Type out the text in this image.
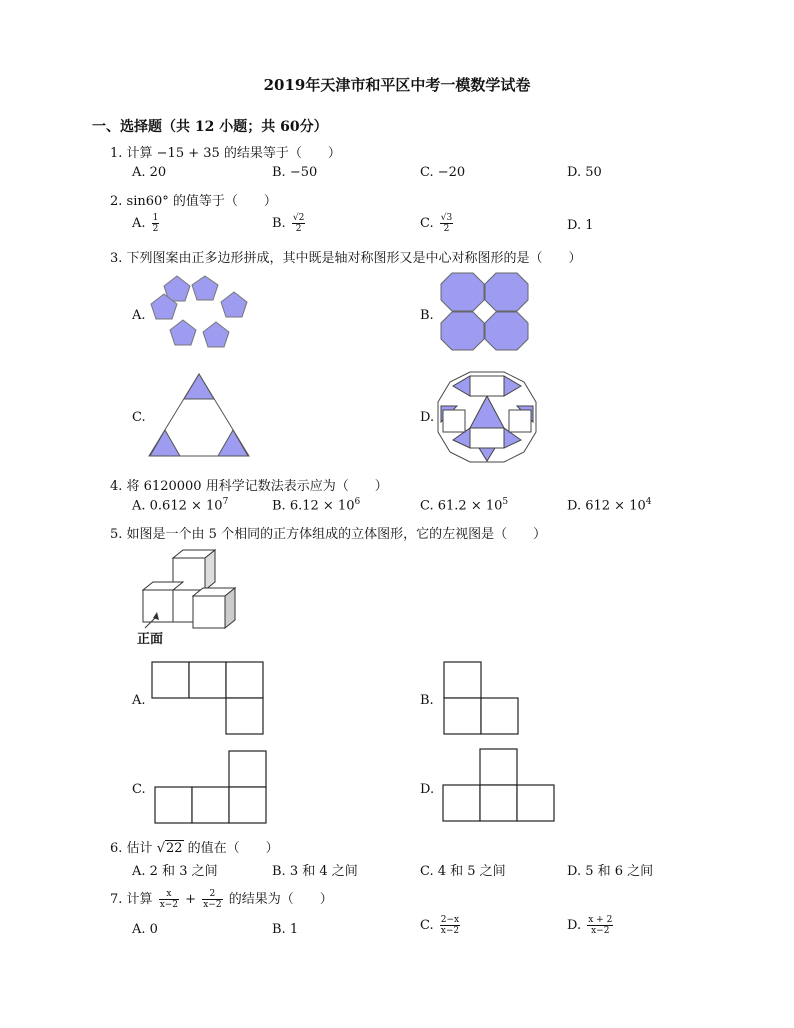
2019年天津市和平区中考一模数学试卷
一、选择题（共 12 小题；共 60分）
1. 计算 −15 + 35 的结果等于（　　）
A. 20	B. −50	C. −20	D. 50
2. sin60° 的值等于（　　）
A. $\frac{1}{2}$	B. $\frac{√2}{2}$	C. $\frac{√3}{2}$	D. 1
3. 下列图案由正多边形拼成，其中既是轴对称图形又是中心对称图形的是（　　）
A.	B.
C.	D.
4. 将 6120000 用科学记数法表示应为（　　）
A. $0.612 \times 10^7$	B. $6.12 \times 10^6$	C. $61.2 \times 10^5$	D. $612 \times 10^4$
5. 如图是一个由 5 个相同的正方体组成的立体图形，它的左视图是（　　）
正面
A.	B.
C.	D.
6. 估计 √22 的值在（　　）
A. 2 和 3 之间	B. 3 和 4 之间	C. 4 和 5 之间	D. 5 和 6 之间
7. 计算 $\frac{x}{x-2} + \frac{2}{x-2}$ 的结果为（　　）
A. 0	B. 1	C. $\frac{2-x}{x-2}$	D. $\frac{x + 2}{x-2}$
